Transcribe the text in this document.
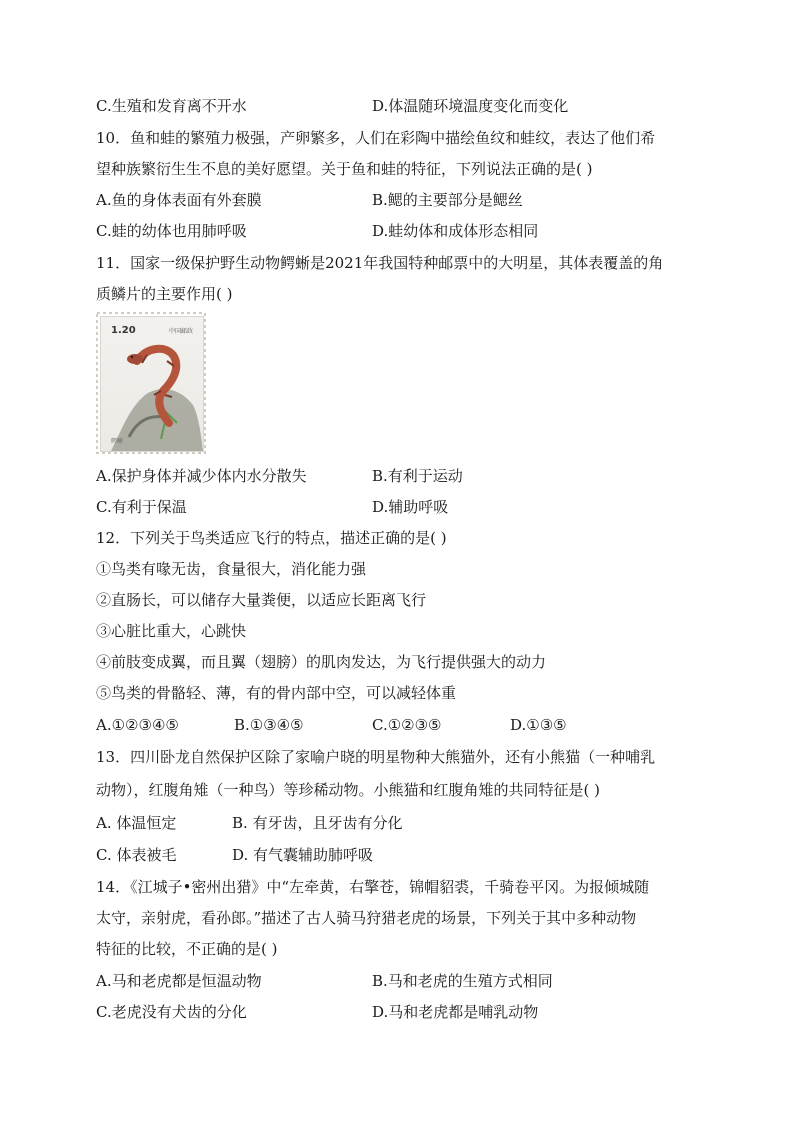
C.生殖和发育离不开水	D.体温随环境温度变化而变化
10．鱼和蛙的繁殖力极强，产卵繁多，人们在彩陶中描绘鱼纹和蛙纹，表达了他们希
望种族繁衍生生不息的美好愿望。关于鱼和蛙的特征，下列说法正确的是( )
A.鱼的身体表面有外套膜	B.鳃的主要部分是鳃丝
C.蛙的幼体也用肺呼吸	D.蛙幼体和成体形态相同
11．国家一级保护野生动物鳄蜥是2021年我国特种邮票中的大明星，其体表覆盖的角
质鳞片的主要作用( )
1.20	中国邮政
鳄蜥
A.保护身体并减少体内水分散失	B.有利于运动
C.有利于保温	D.辅助呼吸
12．下列关于鸟类适应飞行的特点，描述正确的是( )
①鸟类有喙无齿，食量很大，消化能力强
②直肠长，可以储存大量粪便，以适应长距离飞行
③心脏比重大，心跳快
④前肢变成翼，而且翼（翅膀）的肌肉发达，为飞行提供强大的动力
⑤鸟类的骨骼轻、薄，有的骨内部中空，可以减轻体重
A.①②③④⑤	B.①③④⑤	C.①②③⑤	D.①③⑤
13．四川卧龙自然保护区除了家喻户晓的明星物种大熊猫外，还有小熊猫（一种哺乳
动物），红腹角雉（一种鸟）等珍稀动物。小熊猫和红腹角雉的共同特征是( )
A. 体温恒定	B. 有牙齿，且牙齿有分化
C. 体表被毛	D. 有气囊辅助肺呼吸
14．《江城子•密州出猎》中“左牵黄，右擎苍，锦帽貂裘，千骑卷平冈。为报倾城随
太守，亲射虎，看孙郎。”描述了古人骑马狩猎老虎的场景，下列关于其中多种动物
特征的比较，不正确的是( )
A.马和老虎都是恒温动物	B.马和老虎的生殖方式相同
C.老虎没有犬齿的分化	D.马和老虎都是哺乳动物
